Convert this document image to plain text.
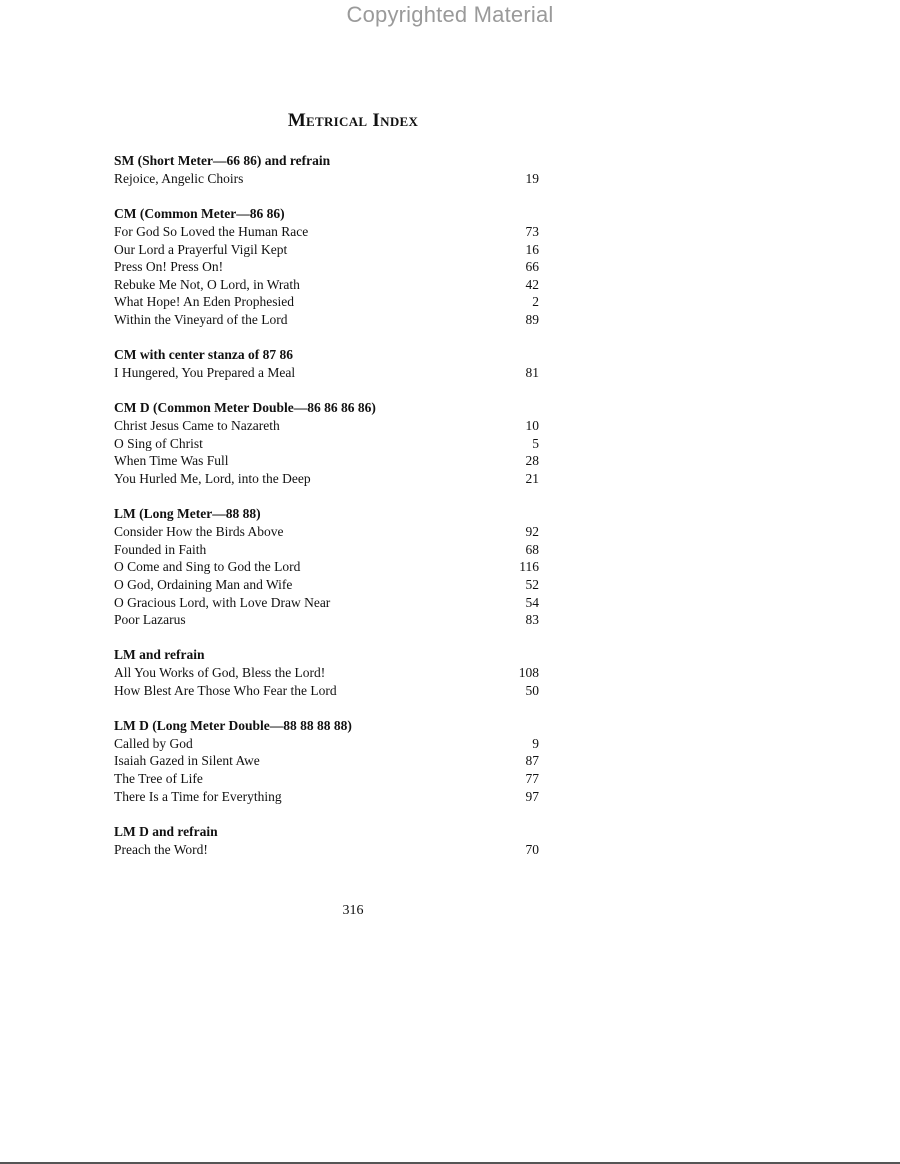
Copyrighted Material
Metrical Index
SM (Short Meter—66 86) and refrain
Rejoice, Angelic Choirs	19
CM (Common Meter—86 86)
For God So Loved the Human Race	73
Our Lord a Prayerful Vigil Kept	16
Press On! Press On!	66
Rebuke Me Not, O Lord, in Wrath	42
What Hope! An Eden Prophesied	2
Within the Vineyard of the Lord	89
CM with center stanza of 87 86
I Hungered, You Prepared a Meal	81
CM D (Common Meter Double—86 86 86 86)
Christ Jesus Came to Nazareth	10
O Sing of Christ	5
When Time Was Full	28
You Hurled Me, Lord, into the Deep	21
LM (Long Meter—88 88)
Consider How the Birds Above	92
Founded in Faith	68
O Come and Sing to God the Lord	116
O God, Ordaining Man and Wife	52
O Gracious Lord, with Love Draw Near	54
Poor Lazarus	83
LM and refrain
All You Works of God, Bless the Lord!	108
How Blest Are Those Who Fear the Lord	50
LM D (Long Meter Double—88 88 88 88)
Called by God	9
Isaiah Gazed in Silent Awe	87
The Tree of Life	77
There Is a Time for Everything	97
LM D and refrain
Preach the Word!	70
316
